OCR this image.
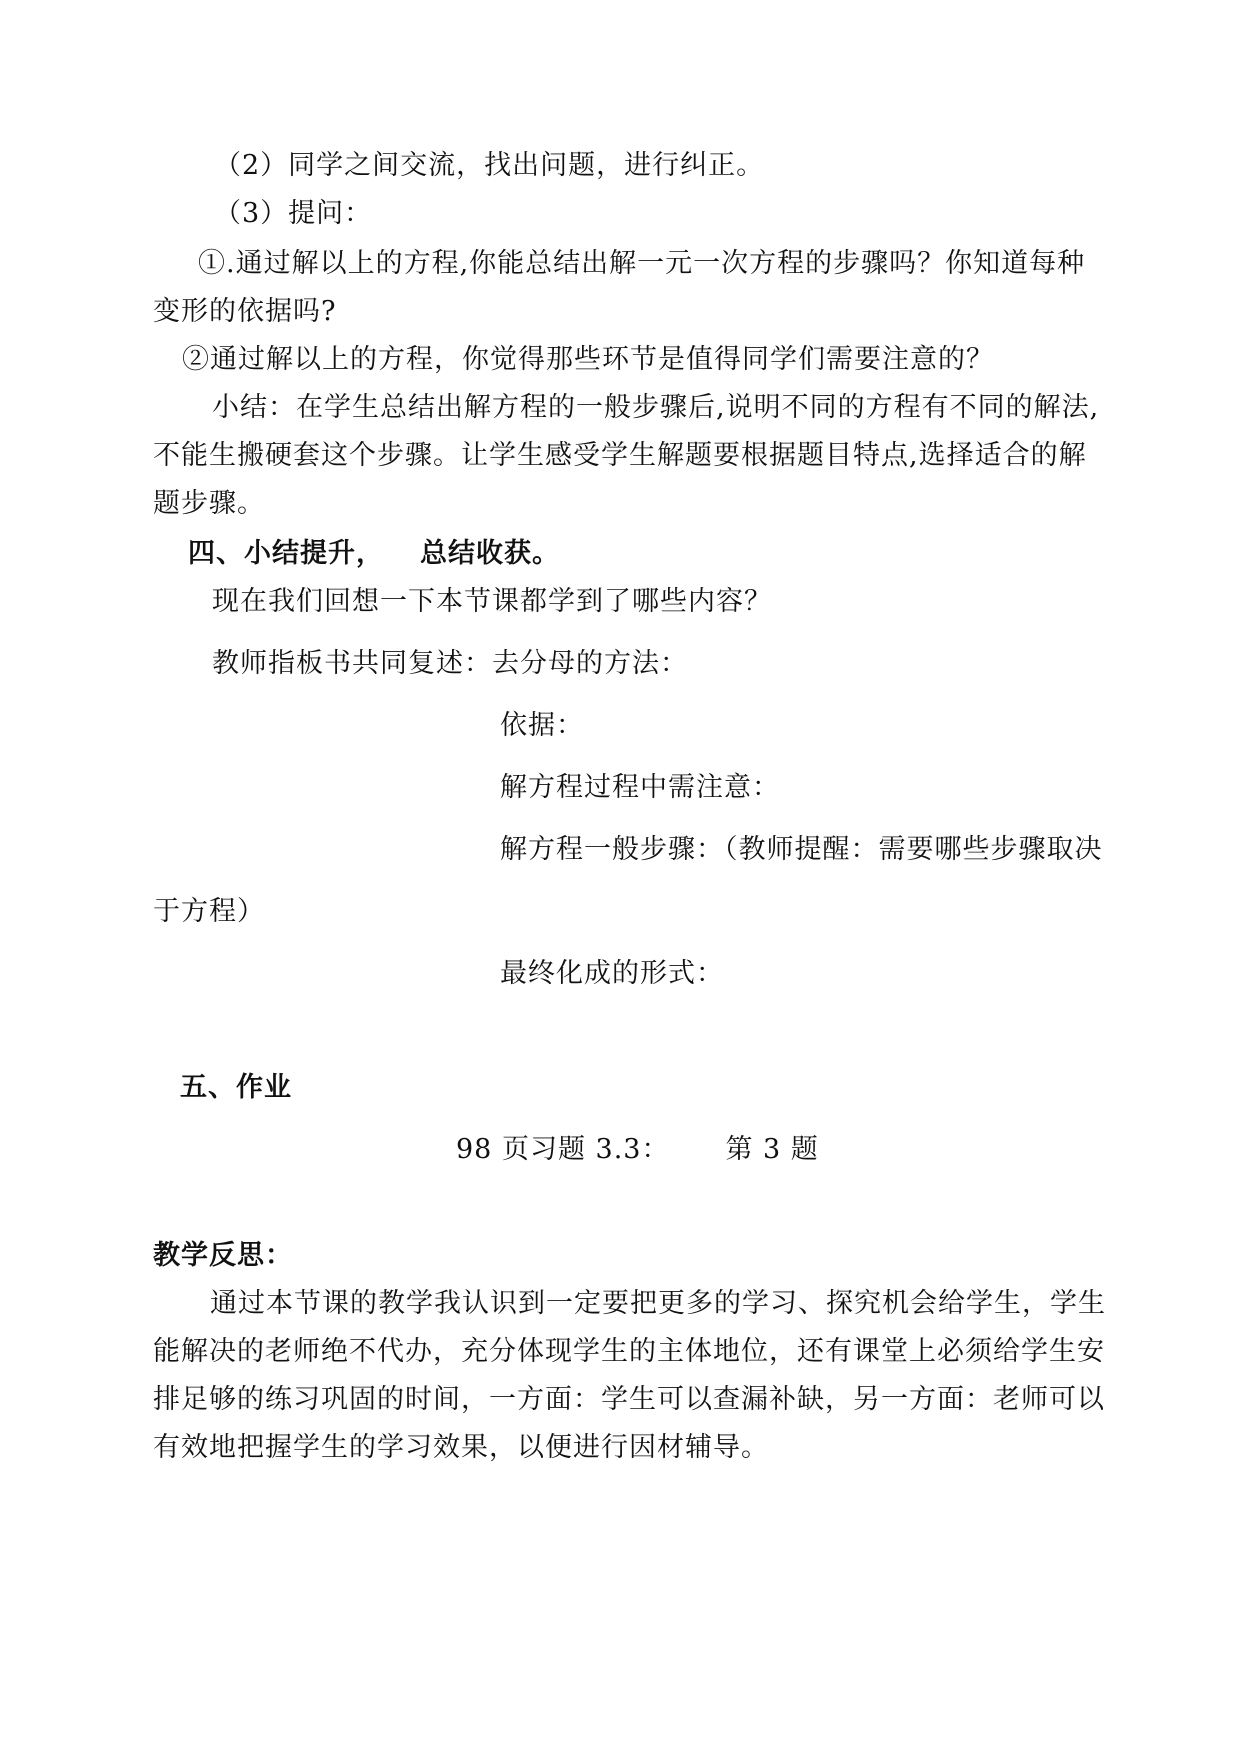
（2）同学之间交流，找出问题，进行纠正。
（3）提问：
①.通过解以上的方程,你能总结出解一元一次方程的步骤吗？你知道每种
变形的依据吗?
②通过解以上的方程，你觉得那些环节是值得同学们需要注意的？
小结：在学生总结出解方程的一般步骤后,说明不同的方程有不同的解法,
不能生搬硬套这个步骤。让学生感受学生解题要根据题目特点,选择适合的解
题步骤。
四、小结提升， 总结收获。
现在我们回想一下本节课都学到了哪些内容？
教师指板书共同复述：去分母的方法：
依据：
解方程过程中需注意：
解方程一般步骤：（教师提醒：需要哪些步骤取决
于方程）
最终化成的形式：
五、作业
98 页习题 3.3： 第 3 题
教学反思：
通过本节课的教学我认识到一定要把更多的学习、探究机会给学生，学生
能解决的老师绝不代办，充分体现学生的主体地位，还有课堂上必须给学生安
排足够的练习巩固的时间，一方面：学生可以查漏补缺，另一方面：老师可以
有效地把握学生的学习效果，以便进行因材辅导。
